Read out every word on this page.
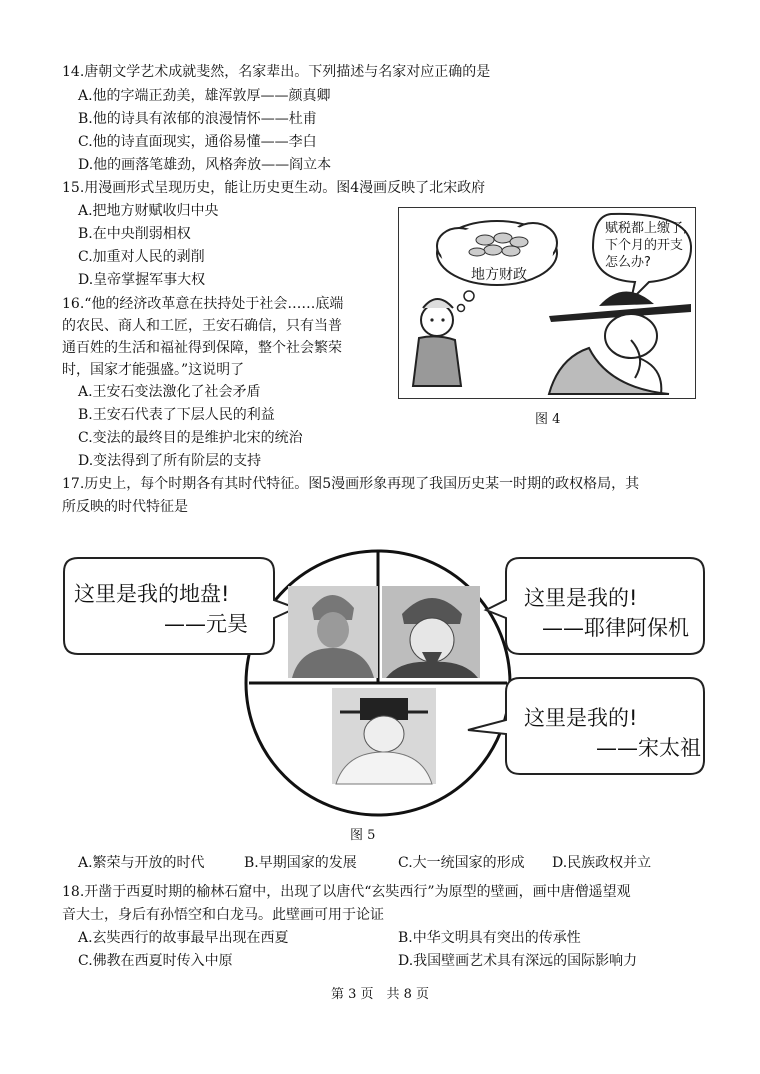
14.唐朝文学艺术成就斐然，名家辈出。下列描述与名家对应正确的是
A.他的字端正劲美，雄浑敦厚——颜真卿
B.他的诗具有浓郁的浪漫情怀——杜甫
C.他的诗直面现实，通俗易懂——李白
D.他的画落笔雄劲，风格奔放——阎立本
15.用漫画形式呈现历史，能让历史更生动。图4漫画反映了北宋政府
A.把地方财赋收归中央
B.在中央削弱相权
C.加重对人民的剥削
D.皇帝掌握军事大权	地方财政
赋税都上缴了,
下个月的开支
怎么办?
图 4
16.“他的经济改革意在扶持处于社会……底端
的农民、商人和工匠，王安石确信，只有当普
通百姓的生活和福祉得到保障，整个社会繁荣
时，国家才能强盛。”这说明了
A.王安石变法激化了社会矛盾
B.王安石代表了下层人民的利益
C.变法的最终目的是维护北宋的统治
D.变法得到了所有阶层的支持
17.历史上，每个时期各有其时代特征。图5漫画形象再现了我国历史某一时期的政权格局，其
所反映的时代特征是
这里是我的地盘!
——元昊
这里是我的!
——耶律阿保机
这里是我的!
——宋太祖
图 5
A.繁荣与开放的时代	B.早期国家的发展	C.大一统国家的形成 D.民族政权并立
18.开凿于西夏时期的榆林石窟中，出现了以唐代“玄奘西行”为原型的壁画，画中唐僧遥望观
音大士，身后有孙悟空和白龙马。此壁画可用于论证
A.玄奘西行的故事最早出现在西夏	B.中华文明具有突出的传承性
C.佛教在西夏时传入中原	D.我国壁画艺术具有深远的国际影响力
第 3 页　共 8 页
